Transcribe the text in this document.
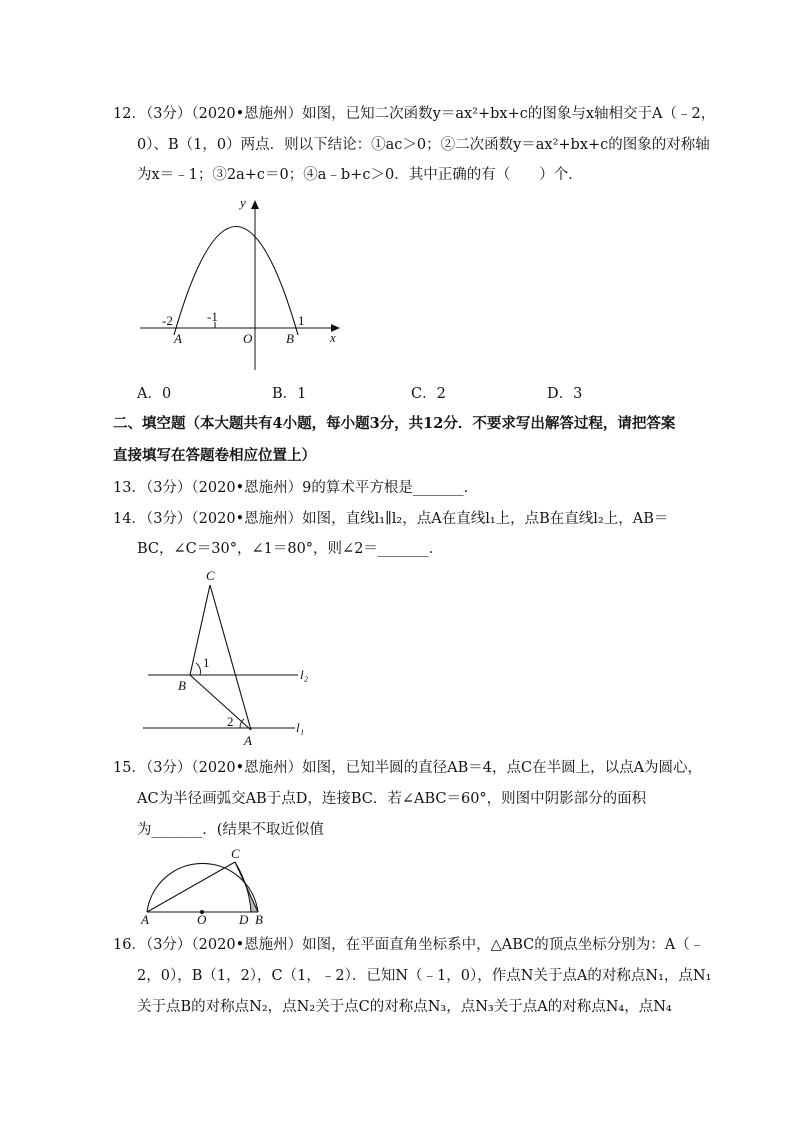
12．（3分）（2020•恩施州）如图，已知二次函数y＝ax²+bx+c的图象与x轴相交于A（﹣2，
0）、B（1，0）两点．则以下结论：①ac＞0；②二次函数y＝ax²+bx+c的图象的对称轴
为x＝﹣1；③2a+c＝0；④a﹣b+c＞0．其中正确的有（　　）个．
y
x
-2	-1	1
A	O	B
A．0	B．1	C．2	D．3
二、填空题（本大题共有4小题，每小题3分，共12分．不要求写出解答过程，请把答案
直接填写在答题卷相应位置上）
13．（3分）（2020•恩施州）9的算术平方根是_______．
14．（3分）（2020•恩施州）如图，直线l₁∥l₂，点A在直线l₁上，点B在直线l₂上，AB＝
BC，∠C＝30°，∠1＝80°，则∠2＝_______．
C
B
A
1
2
l₂
l₁
15．（3分）（2020•恩施州）如图，已知半圆的直径AB＝4，点C在半圆上，以点A为圆心，
AC为半径画弧交AB于点D，连接BC．若∠ABC＝60°，则图中阴影部分的面积
为_______．(结果不取近似值
C
A	O	D B
16．（3分）（2020•恩施州）如图，在平面直角坐标系中，△ABC的顶点坐标分别为：A（﹣
2，0），B（1，2），C（1，﹣2）．已知N（﹣1，0），作点N关于点A的对称点N₁，点N₁
关于点B的对称点N₂，点N₂关于点C的对称点N₃，点N₃关于点A的对称点N₄，点N₄
